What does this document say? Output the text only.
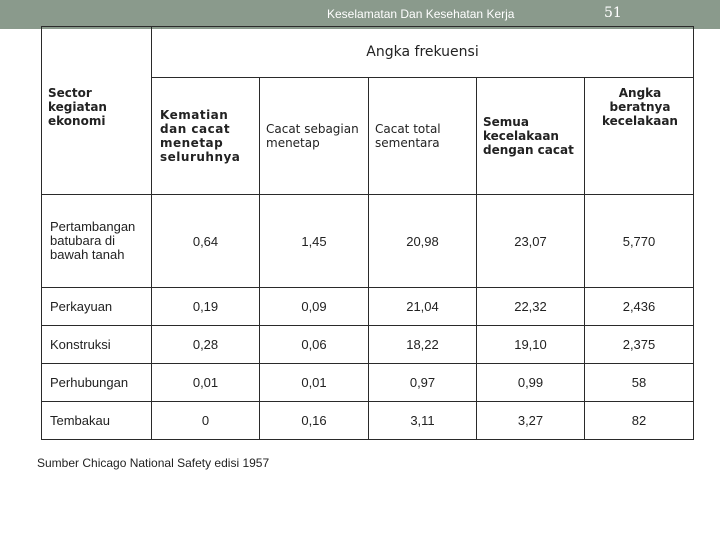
Keselamatan Dan Kesehatan Kerja	51
	Angka frekuensi				
Sector kegiatan ekonomi	Kematian dan cacat menetap seluruhnya	Cacat sebagian menetap	Cacat total sementara	Semua kecelakaan dengan cacat	Angka beratnya kecelakaan
Pertambangan batubara di bawah tanah	0,64	1,45	20,98	23,07	5,770
Perkayuan	0,19	0,09	21,04	22,32	2,436
Konstruksi	0,28	0,06	18,22	19,10	2,375
Perhubungan	0,01	0,01	0,97	0,99	58
Tembakau	0	0,16	3,11	3,27	82
Sumber Chicago National Safety edisi 1957
